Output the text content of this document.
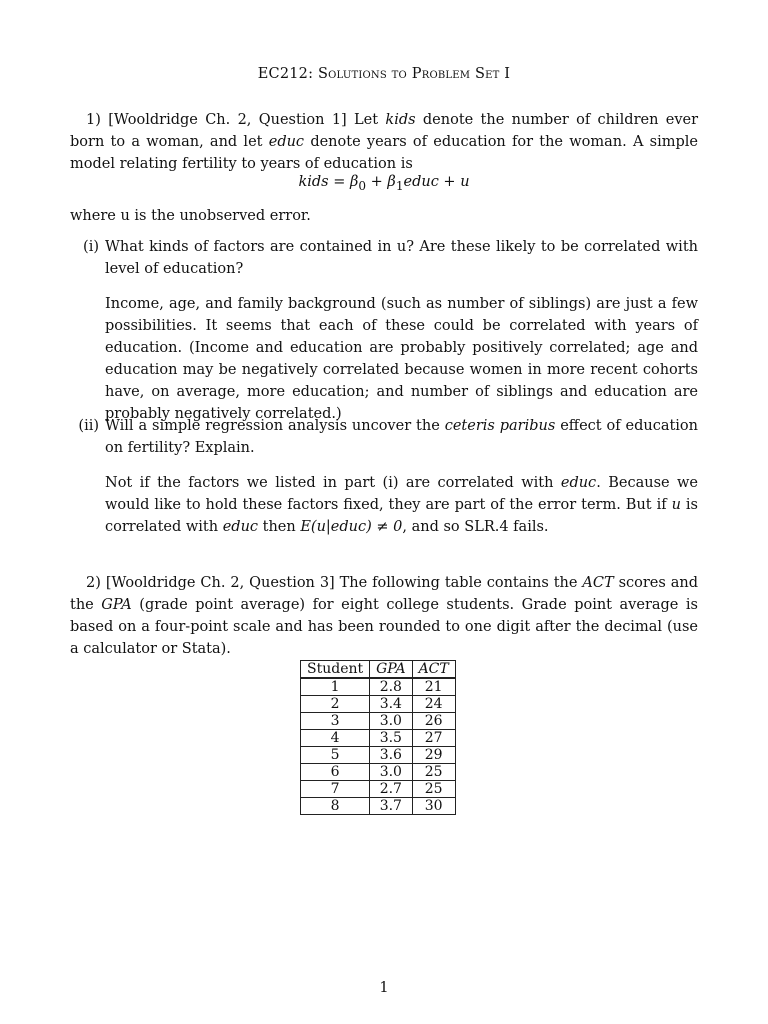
EC212: Solutions to Problem Set I
1) [Wooldridge Ch. 2, Question 1] Let kids denote the number of children ever born to a woman, and let educ denote years of education for the woman. A simple model relating fertility to years of education is
kids = $\beta_0$ + $\beta_1educ + u$
where u is the unobserved error.
(i) What kinds of factors are contained in u? Are these likely to be correlated with level of education?
Income, age, and family background (such as number of siblings) are just a few possibilities. It seems that each of these could be correlated with years of education. (Income and education are probably positively correlated; age and education may be negatively correlated because women in more recent cohorts have, on average, more education; and number of siblings and education are probably negatively correlated.)
(ii) Will a simple regression analysis uncover the ceteris paribus effect of education on fertility? Explain.
Not if the factors we listed in part (i) are correlated with educ. Because we would like to hold these factors fixed, they are part of the error term. But if u is correlated with educ then E(u|educ) ≠ 0, and so SLR.4 fails.
2) [Wooldridge Ch. 2, Question 3] The following table contains the ACT scores and the GPA (grade point average) for eight college students. Grade point average is based on a four-point scale and has been rounded to one digit after the decimal (use a calculator or Stata).
Student	GPA	ACT
1	2.8	21
2	3.4	24
3	3.0	26
4	3.5	27
5	3.6	29
6	3.0	25
7	2.7	25
8	3.7	30
1
